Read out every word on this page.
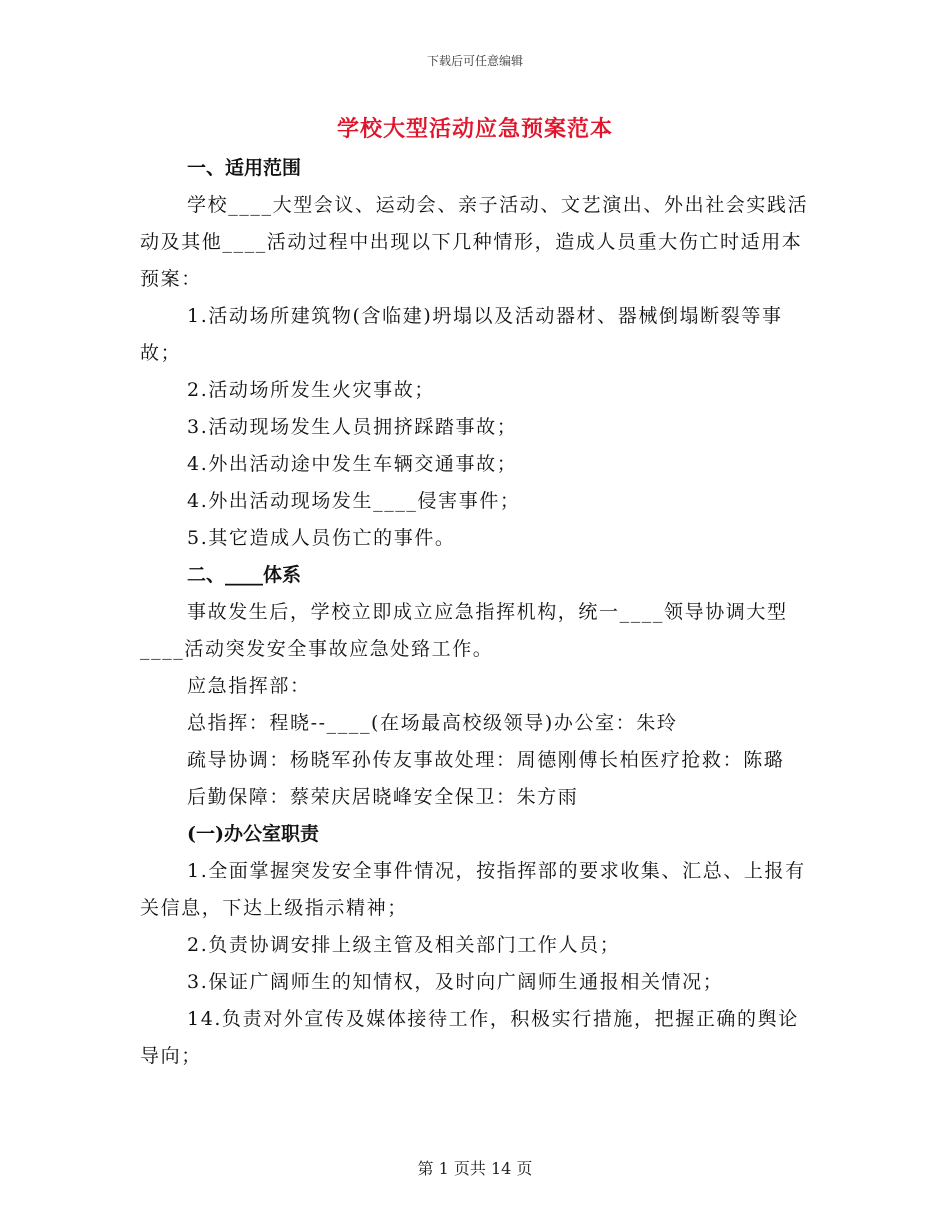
下载后可任意编辑
学校大型活动应急预案范本
一、适用范围
学校____大型会议、运动会、亲子活动、文艺演出、外出社会实践活动及其他____活动过程中出现以下几种情形，造成人员重大伤亡时适用本预案：
1.活动场所建筑物(含临建)坍塌以及活动器材、器械倒塌断裂等事故；
2.活动场所发生火灾事故；
3.活动现场发生人员拥挤踩踏事故；
4.外出活动途中发生车辆交通事故；
4.外出活动现场发生____侵害事件；
5.其它造成人员伤亡的事件。
二、____体系
事故发生后，学校立即成立应急指挥机构，统一____领导协调大型____活动突发安全事故应急处臵工作。
应急指挥部：
总指挥：程晓--____(在场最高校级领导)办公室：朱玲
疏导协调：杨晓军孙传友事故处理：周德刚傅长柏医疗抢救：陈璐
后勤保障：蔡荣庆居晓峰安全保卫：朱方雨
(一)办公室职责
1.全面掌握突发安全事件情况，按指挥部的要求收集、汇总、上报有关信息，下达上级指示精神；
2.负责协调安排上级主管及相关部门工作人员；
3.保证广阔师生的知情权，及时向广阔师生通报相关情况；
14.负责对外宣传及媒体接待工作，积极实行措施，把握正确的舆论导向；
第 1 页共 14 页
